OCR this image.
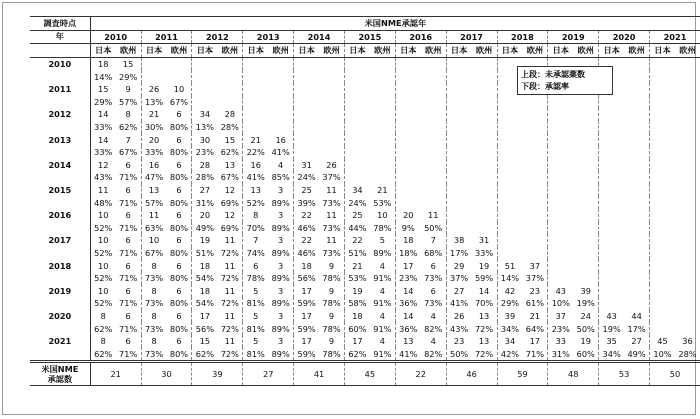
調査時点	米国NME承認年																							
年	2010		2011		2012		2013		2014		2015		2016		2017		2018		2019		2020		2021	
	日本	欧州	日本	欧州	日本	欧州	日本	欧州	日本	欧州	日本	欧州	日本	欧州	日本	欧州	日本	欧州	日本	欧州	日本	欧州	日本	欧州
2010	18	15																						
	14%	29%																						
2011	15	9	26	10																				
	29%	57%	13%	67%																				
2012	14	8	21	6	34	28																		
	33%	62%	30%	80%	13%	28%																		
2013	14	7	20	6	30	15	21	16																
	33%	67%	33%	80%	23%	62%	22%	41%																
2014	12	6	16	6	28	13	16	4	31	26														
	43%	71%	47%	80%	28%	67%	41%	85%	24%	37%														
2015	11	6	13	6	27	12	13	3	25	11	34	21												
	48%	71%	57%	80%	31%	69%	52%	89%	39%	73%	24%	53%												
2016	10	6	11	6	20	12	8	3	22	11	25	10	20	11										
	52%	71%	63%	80%	49%	69%	70%	89%	46%	73%	44%	78%	9%	50%										
2017	10	6	10	6	19	11	7	3	22	11	22	5	18	7	38	31								
	52%	71%	67%	80%	51%	72%	74%	89%	46%	73%	51%	89%	18%	68%	17%	33%								
2018	10	6	8	6	18	11	6	3	18	9	21	4	17	6	29	19	51	37						
	52%	71%	73%	80%	54%	72%	78%	89%	56%	78%	53%	91%	23%	73%	37%	59%	14%	37%						
2019	10	6	8	6	18	11	5	3	17	9	19	4	14	6	27	14	42	23	43	39				
	52%	71%	73%	80%	54%	72%	81%	89%	59%	78%	58%	91%	36%	73%	41%	70%	29%	61%	10%	19%				
2020	8	6	8	6	17	11	5	3	17	9	18	4	14	4	26	13	39	21	37	24	43	44		
	62%	71%	73%	80%	56%	72%	81%	89%	59%	78%	60%	91%	36%	82%	43%	72%	34%	64%	23%	50%	19%	17%		
2021	8	6	8	6	15	11	5	3	17	9	17	4	13	4	23	13	34	17	33	19	35	27	45	36
	62%	71%	73%	80%	62%	72%	81%	89%	59%	78%	62%	91%	41%	82%	50%	72%	42%	71%	31%	60%	34%	49%	10%	28%

米国NME
承認数	21		30		39		27		41		45		22		46		59		48		53		50	
上段：未承認薬数
下段：承認率
